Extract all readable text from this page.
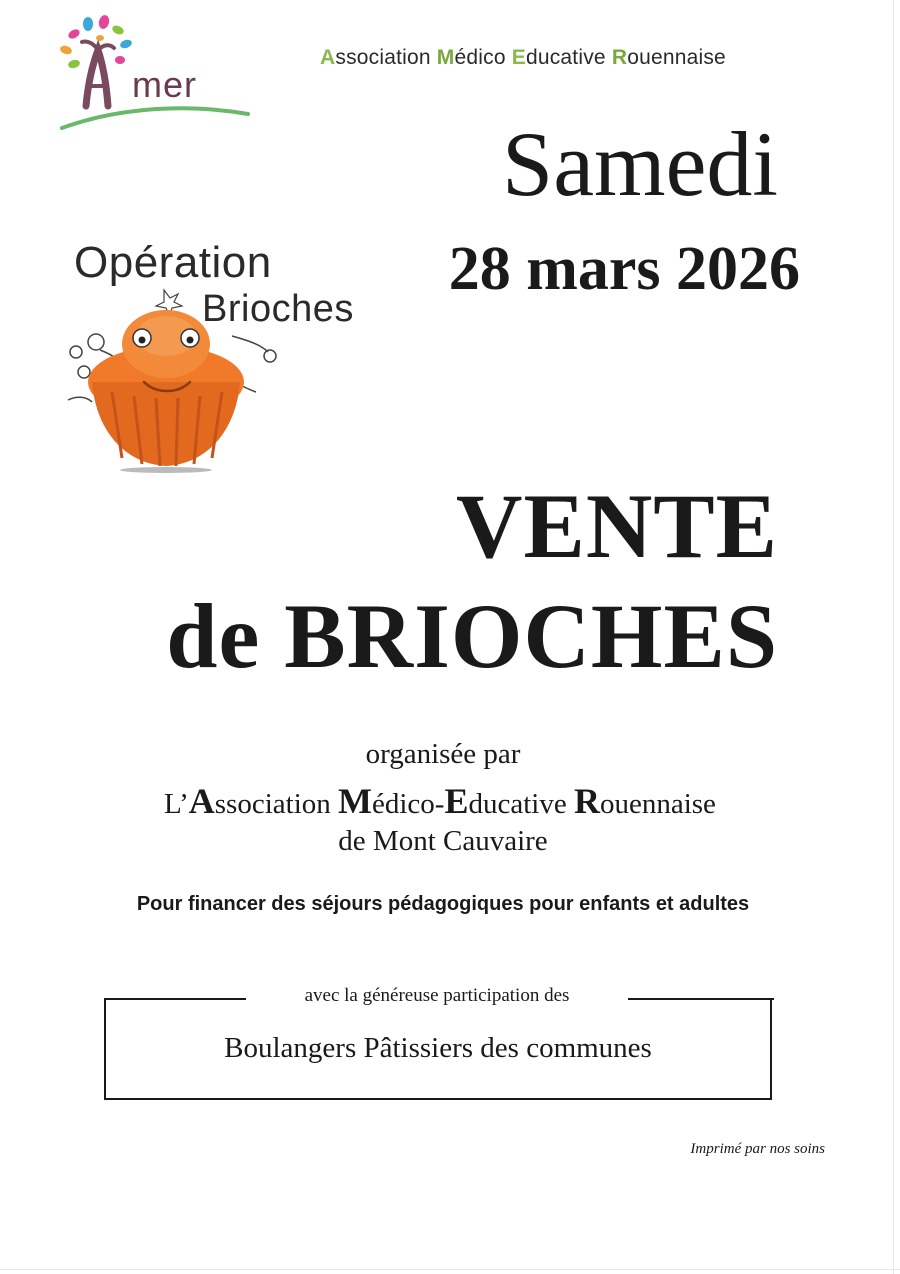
mer
Association Médico Educative Rouennaise
Samedi
28 mars 2026
Opération
Brioches
VENTE
de BRIOCHES
organisée par
L’Association Médico-Educative Rouennaise
de Mont Cauvaire
Pour financer des séjours pédagogiques pour enfants et adultes
avec la généreuse participation des
Boulangers Pâtissiers des communes
Imprimé par nos soins
